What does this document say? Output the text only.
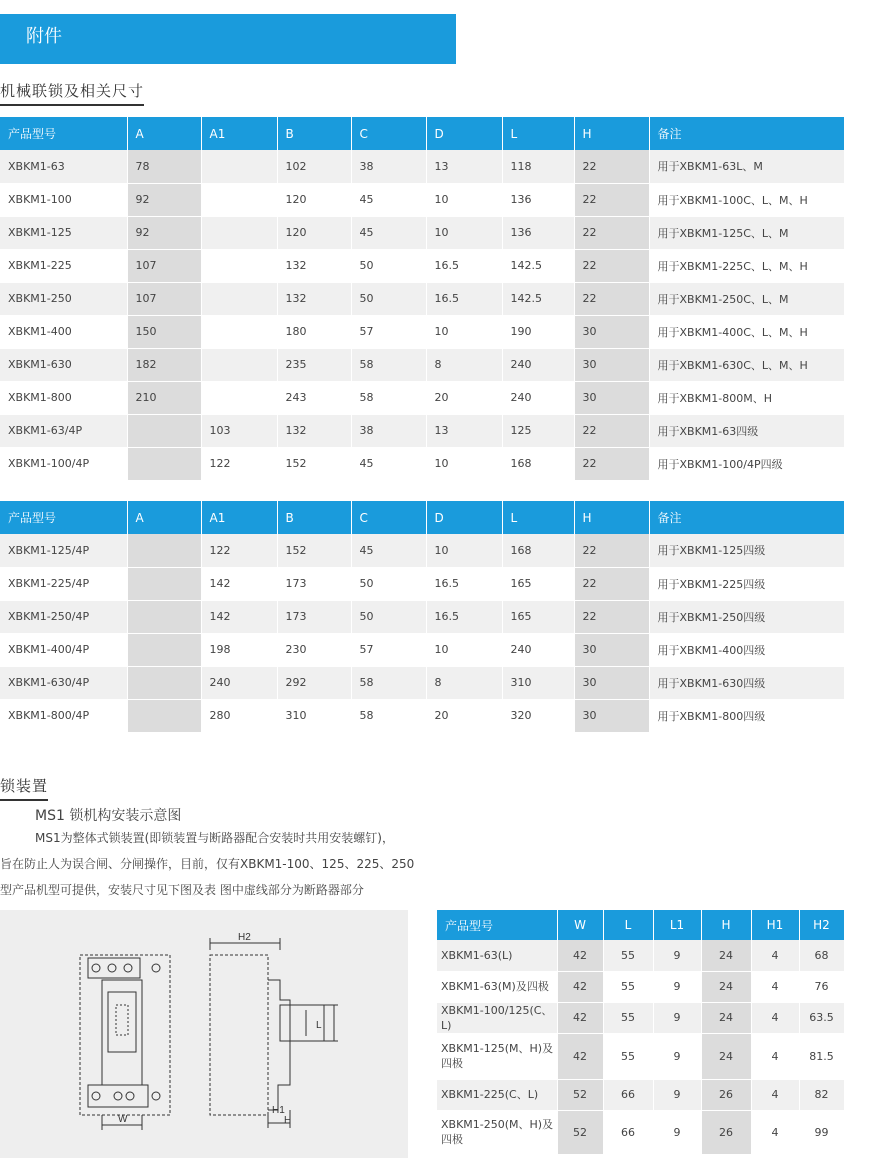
附件
机械联锁及相关尺寸
产品型号	A	A1	B	C	D	L	H	备注
XBKM1-63	78		102	38	13	118	22	用于XBKM1-63L、M
XBKM1-100	92		120	45	10	136	22	用于XBKM1-100C、L、M、H
XBKM1-125	92		120	45	10	136	22	用于XBKM1-125C、L、M
XBKM1-225	107		132	50	16.5	142.5	22	用于XBKM1-225C、L、M、H
XBKM1-250	107		132	50	16.5	142.5	22	用于XBKM1-250C、L、M
XBKM1-400	150		180	57	10	190	30	用于XBKM1-400C、L、M、H
XBKM1-630	182		235	58	8	240	30	用于XBKM1-630C、L、M、H
XBKM1-800	210		243	58	20	240	30	用于XBKM1-800M、H
XBKM1-63/4P		103	132	38	13	125	22	用于XBKM1-63四级
XBKM1-100/4P		122	152	45	10	168	22	用于XBKM1-100/4P四级
产品型号	A	A1	B	C	D	L	H	备注
XBKM1-125/4P		122	152	45	10	168	22	用于XBKM1-125四级
XBKM1-225/4P		142	173	50	16.5	165	22	用于XBKM1-225四级
XBKM1-250/4P		142	173	50	16.5	165	22	用于XBKM1-250四级
XBKM1-400/4P		198	230	57	10	240	30	用于XBKM1-400四级
XBKM1-630/4P		240	292	58	8	310	30	用于XBKM1-630四级
XBKM1-800/4P		280	310	58	20	320	30	用于XBKM1-800四级
锁装置
MS1 锁机构安装示意图
MS1为整体式锁装置(即锁装置与断路器配合安装时共用安装螺钉)，
旨在防止人为误合闸、分闸操作，目前，仅有XBKM1-100、125、225、250
型产品机型可提供，安装尺寸见下图及表 图中虚线部分为断路器部分
H2
L
H1
H
W
产品型号	W	L	L1	H	H1	H2
XBKM1-63(L)	42	55	9	24	4	68
XBKM1-63(M)及四极	42	55	9	24	4	76
XBKM1-100/125(C、L)	42	55	9	24	4	63.5
XBKM1-125(M、H)及四极	42	55	9	24	4	81.5
XBKM1-225(C、L)	52	66	9	26	4	82
XBKM1-250(M、H)及四极	52	66	9	26	4	99
